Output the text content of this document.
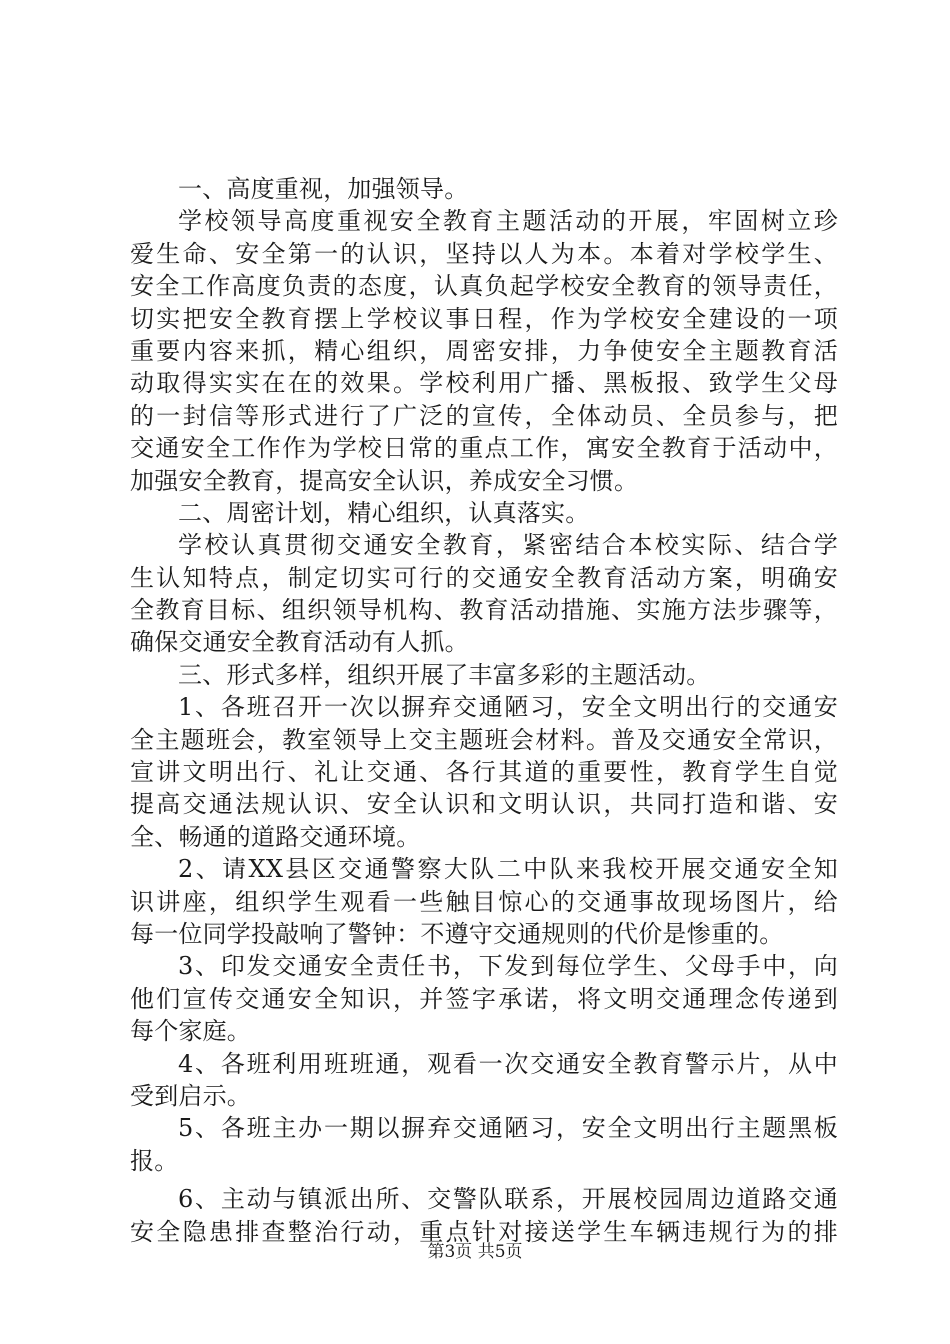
一、高度重视，加强领导。
学校领导高度重视安全教育主题活动的开展，牢固树立珍
爱生命、安全第一的认识，坚持以人为本。本着对学校学生、
安全工作高度负责的态度，认真负起学校安全教育的领导责任，
切实把安全教育摆上学校议事日程，作为学校安全建设的一项
重要内容来抓，精心组织，周密安排，力争使安全主题教育活
动取得实实在在的效果。学校利用广播、黑板报、致学生父母
的一封信等形式进行了广泛的宣传，全体动员、全员参与，把
交通安全工作作为学校日常的重点工作，寓安全教育于活动中，
加强安全教育，提高安全认识，养成安全习惯。
二、周密计划，精心组织，认真落实。
学校认真贯彻交通安全教育，紧密结合本校实际、结合学
生认知特点，制定切实可行的交通安全教育活动方案，明确安
全教育目标、组织领导机构、教育活动措施、实施方法步骤等，
确保交通安全教育活动有人抓。
三、形式多样，组织开展了丰富多彩的主题活动。
1、各班召开一次以摒弃交通陋习，安全文明出行的交通安
全主题班会，教室领导上交主题班会材料。普及交通安全常识，
宣讲文明出行、礼让交通、各行其道的重要性，教育学生自觉
提高交通法规认识、安全认识和文明认识，共同打造和谐、安
全、畅通的道路交通环境。
2、请XX县区交通警察大队二中队来我校开展交通安全知
识讲座，组织学生观看一些触目惊心的交通事故现场图片，给
每一位同学投敲响了警钟：不遵守交通规则的代价是惨重的。
3、印发交通安全责任书，下发到每位学生、父母手中，向
他们宣传交通安全知识，并签字承诺，将文明交通理念传递到
每个家庭。
4、各班利用班班通，观看一次交通安全教育警示片，从中
受到启示。
5、各班主办一期以摒弃交通陋习，安全文明出行主题黑板
报。
6、主动与镇派出所、交警队联系，开展校园周边道路交通
安全隐患排查整治行动，重点针对接送学生车辆违规行为的排
第3页 共5页
